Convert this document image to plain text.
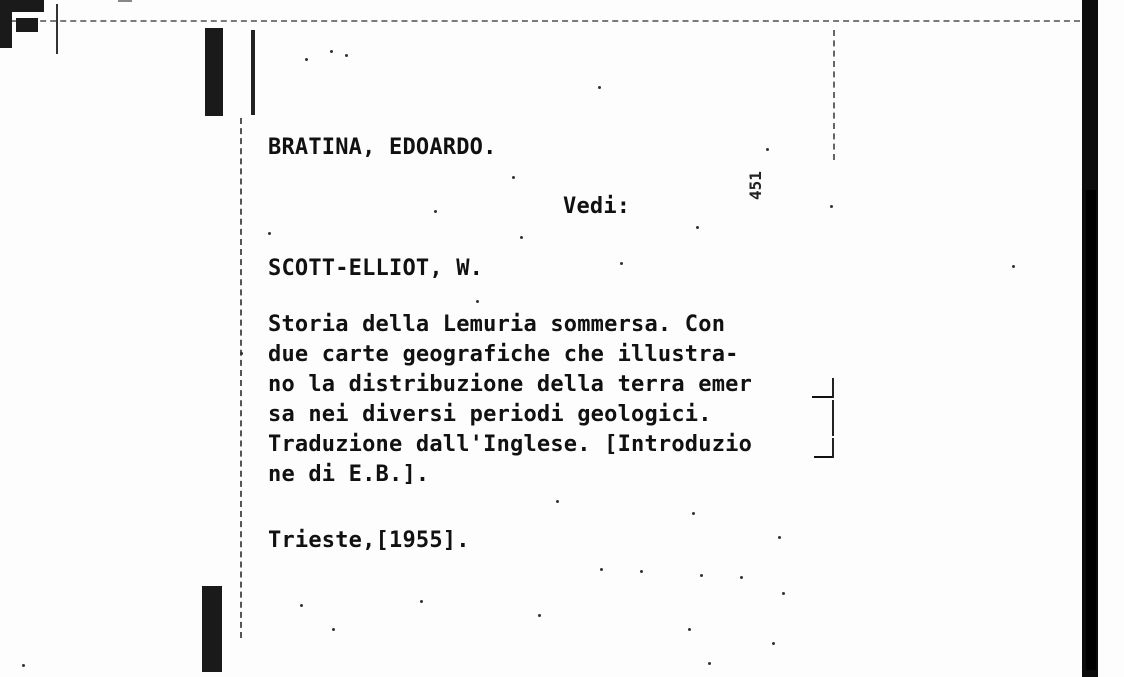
BRATINA, EDOARDO.
Vedi:
SCOTT-ELLIOT, W.
Storia della Lemuria sommersa. Con
due carte geografiche che illustra-
no la distribuzione della terra emer
sa nei diversi periodi geologici.
Traduzione dall'Inglese. [Introduzio
ne di E.B.].
Trieste,[1955].
451
